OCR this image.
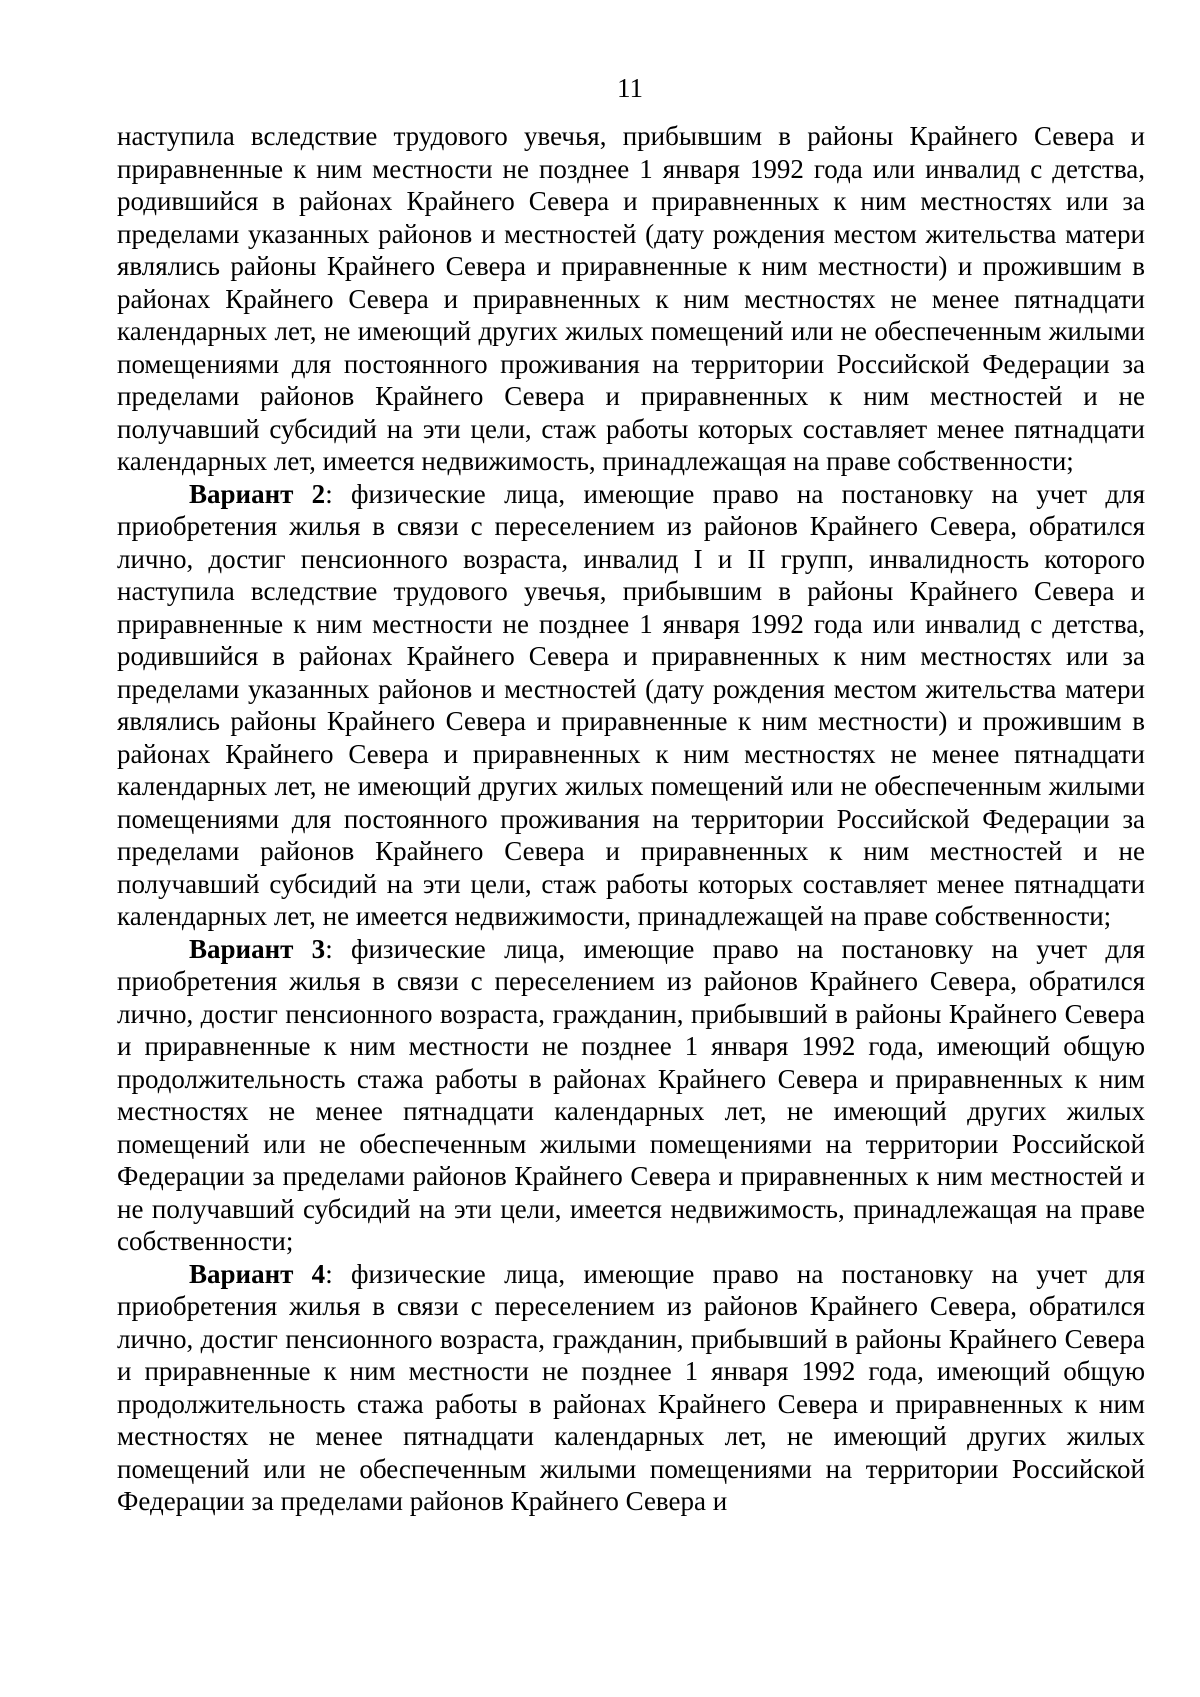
11

наступила вследствие трудового увечья, прибывшим в районы Крайнего Севера и приравненные к ним местности не позднее 1 января 1992 года или инвалид с детства, родившийся в районах Крайнего Севера и приравненных к ним местностях или за пределами указанных районов и местностей (дату рождения местом жительства матери являлись районы Крайнего Севера и приравненные к ним местности) и прожившим в районах Крайнего Севера и приравненных к ним местностях не менее пятнадцати календарных лет, не имеющий других жилых помещений или не обеспеченным жилыми помещениями для постоянного проживания на территории Российской Федерации за пределами районов Крайнего Севера и приравненных к ним местностей и не получавший субсидий на эти цели, стаж работы которых составляет менее пятнадцати календарных лет, имеется недвижимость, принадлежащая на праве собственности;

Вариант 2: физические лица, имеющие право на постановку на учет для приобретения жилья в связи с переселением из районов Крайнего Севера, обратился лично, достиг пенсионного возраста, инвалид I и II групп, инвалидность которого наступила вследствие трудового увечья, прибывшим в районы Крайнего Севера и приравненные к ним местности не позднее 1 января 1992 года или инвалид с детства, родившийся в районах Крайнего Севера и приравненных к ним местностях или за пределами указанных районов и местностей (дату рождения местом жительства матери являлись районы Крайнего Севера и приравненные к ним местности) и прожившим в районах Крайнего Севера и приравненных к ним местностях не менее пятнадцати календарных лет, не имеющий других жилых помещений или не обеспеченным жилыми помещениями для постоянного проживания на территории Российской Федерации за пределами районов Крайнего Севера и приравненных к ним местностей и не получавший субсидий на эти цели, стаж работы которых составляет менее пятнадцати календарных лет, не имеется недвижимости, принадлежащей на праве собственности;

Вариант 3: физические лица, имеющие право на постановку на учет для приобретения жилья в связи с переселением из районов Крайнего Севера, обратился лично, достиг пенсионного возраста, гражданин, прибывший в районы Крайнего Севера и приравненные к ним местности не позднее 1 января 1992 года, имеющий общую продолжительность стажа работы в районах Крайнего Севера и приравненных к ним местностях не менее пятнадцати календарных лет, не имеющий других жилых помещений или не обеспеченным жилыми помещениями на территории Российской Федерации за пределами районов Крайнего Севера и приравненных к ним местностей и не получавший субсидий на эти цели, имеется недвижимость, принадлежащая на праве собственности;

Вариант 4: физические лица, имеющие право на постановку на учет для приобретения жилья в связи с переселением из районов Крайнего Севера, обратился лично, достиг пенсионного возраста, гражданин, прибывший в районы Крайнего Севера и приравненные к ним местности не позднее 1 января 1992 года, имеющий общую продолжительность стажа работы в районах Крайнего Севера и приравненных к ним местностях не менее пятнадцати календарных лет, не имеющий других жилых помещений или не обеспеченным жилыми помещениями на территории Российской Федерации за пределами районов Крайнего Севера и
